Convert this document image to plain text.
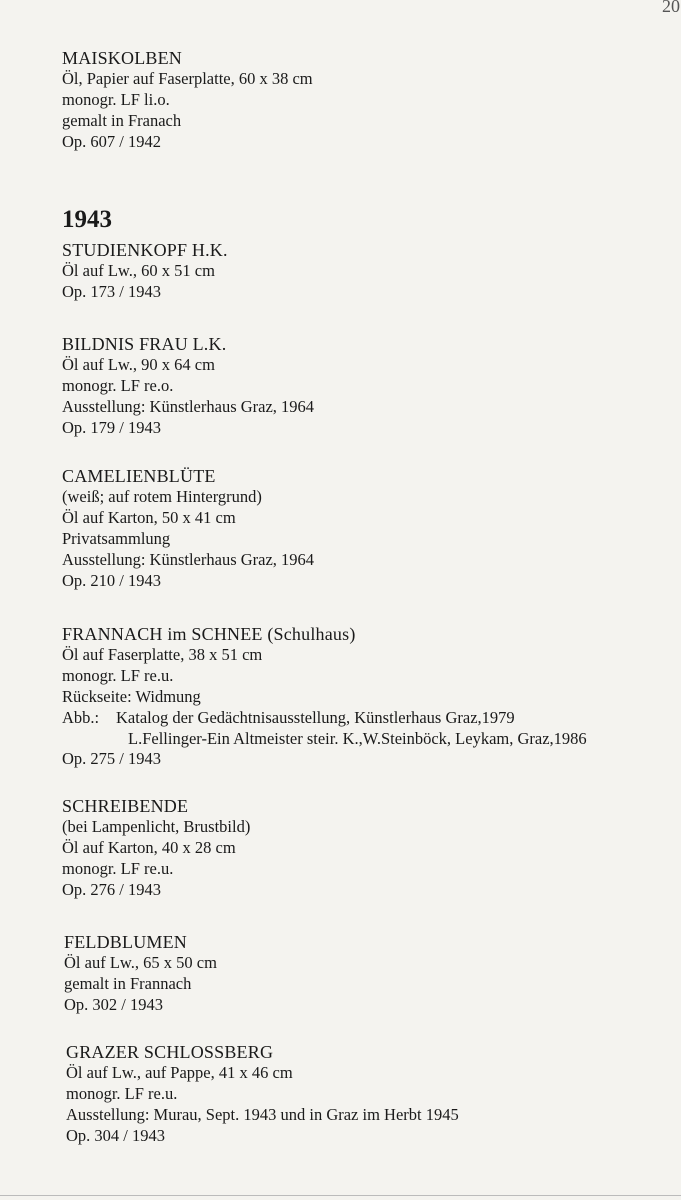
20
MAISKOLBEN
Öl, Papier auf Faserplatte, 60 x 38 cm
monogr. LF li.o.
gemalt in Franach
Op. 607 / 1942
1943
STUDIENKOPF H.K.
Öl auf Lw., 60 x 51 cm
Op. 173 / 1943
BILDNIS FRAU L.K.
Öl auf Lw., 90 x 64 cm
monogr. LF re.o.
Ausstellung: Künstlerhaus Graz, 1964
Op. 179 / 1943
CAMELIENBLÜTE
(weiß; auf rotem Hintergrund)
Öl auf Karton, 50 x 41 cm
Privatsammlung
Ausstellung: Künstlerhaus Graz, 1964
Op. 210 / 1943
FRANNACH im SCHNEE (Schulhaus)
Öl auf Faserplatte, 38 x 51 cm
monogr. LF re.u.
Rückseite: Widmung
Abb.:	Katalog der Gedächtnisausstellung, Künstlerhaus Graz,1979
L.Fellinger-Ein Altmeister steir. K.,W.Steinböck, Leykam, Graz,1986
Op. 275 / 1943
SCHREIBENDE
(bei Lampenlicht, Brustbild)
Öl auf Karton, 40 x 28 cm
monogr. LF re.u.
Op. 276 / 1943
FELDBLUMEN
Öl auf Lw., 65 x 50 cm
gemalt in Frannach
Op. 302 / 1943
GRAZER SCHLOSSBERG
Öl auf Lw., auf Pappe, 41 x 46 cm
monogr. LF re.u.
Ausstellung: Murau, Sept. 1943 und in Graz im Herbt 1945
Op. 304 / 1943
